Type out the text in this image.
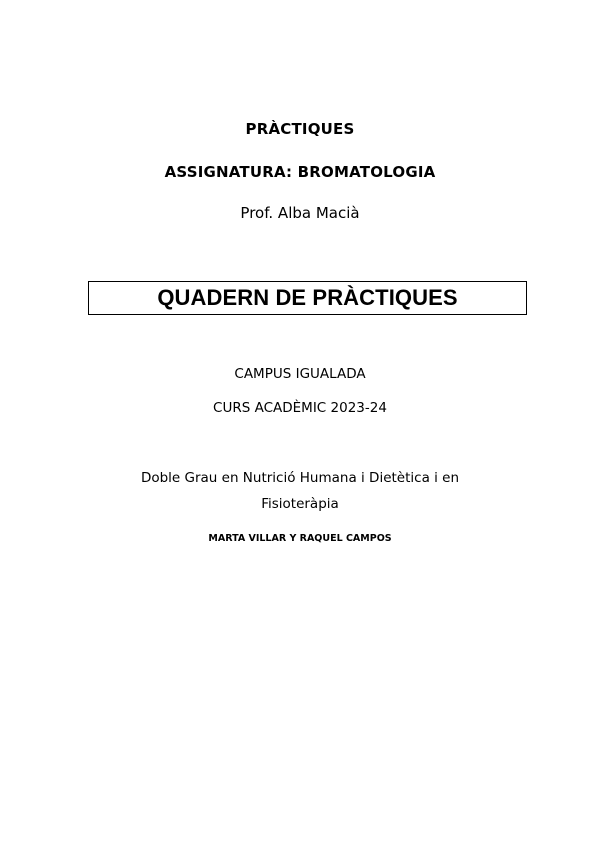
PRÀCTIQUES
ASSIGNATURA: BROMATOLOGIA
Prof. Alba Macià
QUADERN DE PRÀCTIQUES
CAMPUS IGUALADA
CURS ACADÈMIC 2023-24
Doble Grau en Nutrició Humana i Dietètica i en
Fisioteràpia
MARTA VILLAR Y RAQUEL CAMPOS
